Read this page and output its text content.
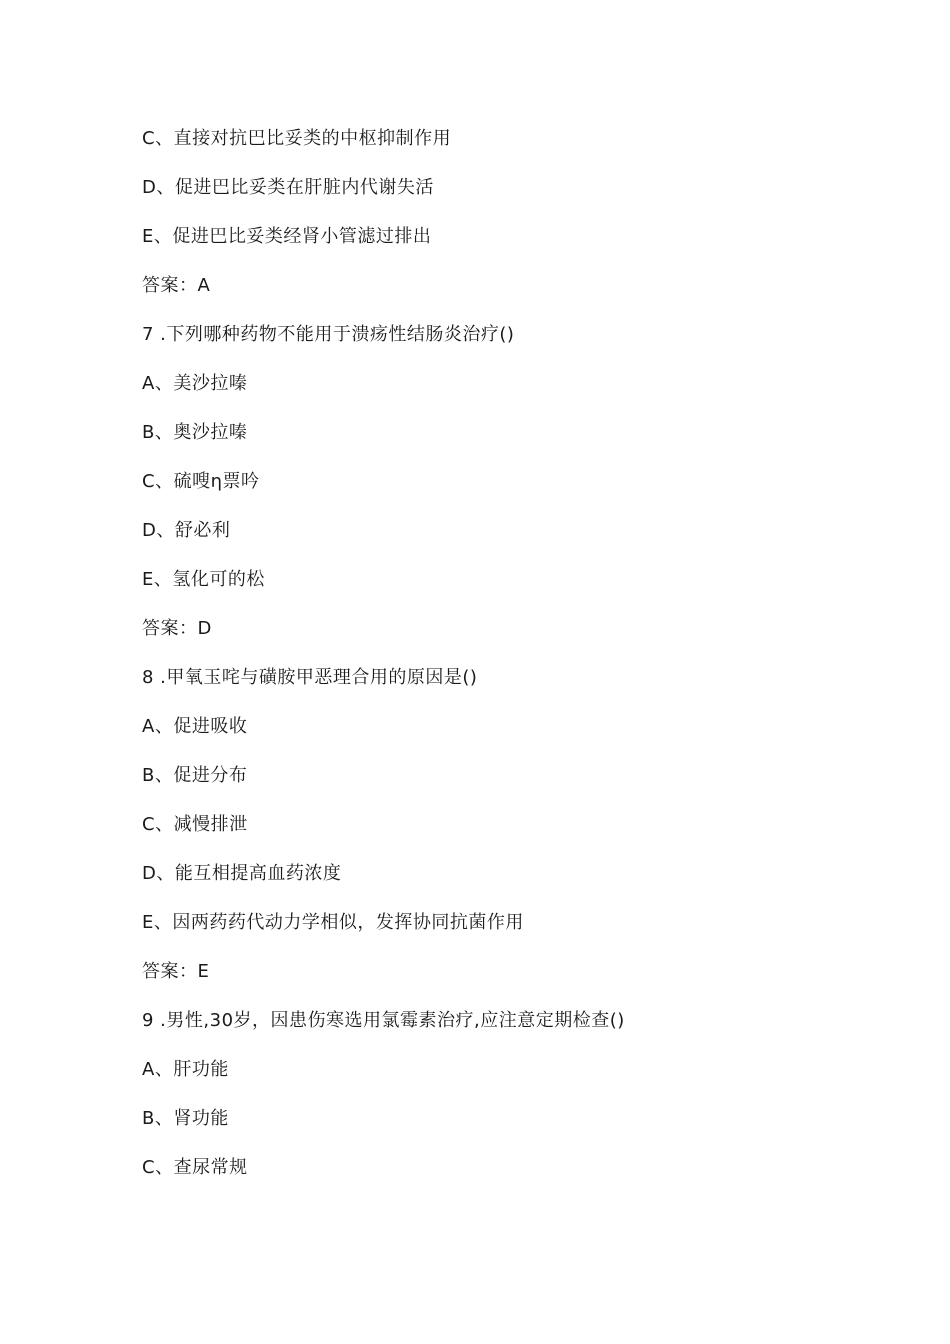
C、直接对抗巴比妥类的中枢抑制作用
D、促进巴比妥类在肝脏内代谢失活
E、促进巴比妥类经肾小管滤过排出
答案：A
7 .下列哪种药物不能用于溃疡性结肠炎治疗()
A、美沙拉嗪
B、奥沙拉嗪
C、硫嗖η票吟
D、舒必利
E、氢化可的松
答案：D
8 .甲氧玉咤与磺胺甲恶理合用的原因是()
A、促进吸收
B、促进分布
C、减慢排泄
D、能互相提高血药浓度
E、因两药药代动力学相似，发挥协同抗菌作用
答案：E
9 .男性,30岁，因患伤寒选用氯霉素治疗,应注意定期检查()
A、肝功能
B、肾功能
C、查尿常规
